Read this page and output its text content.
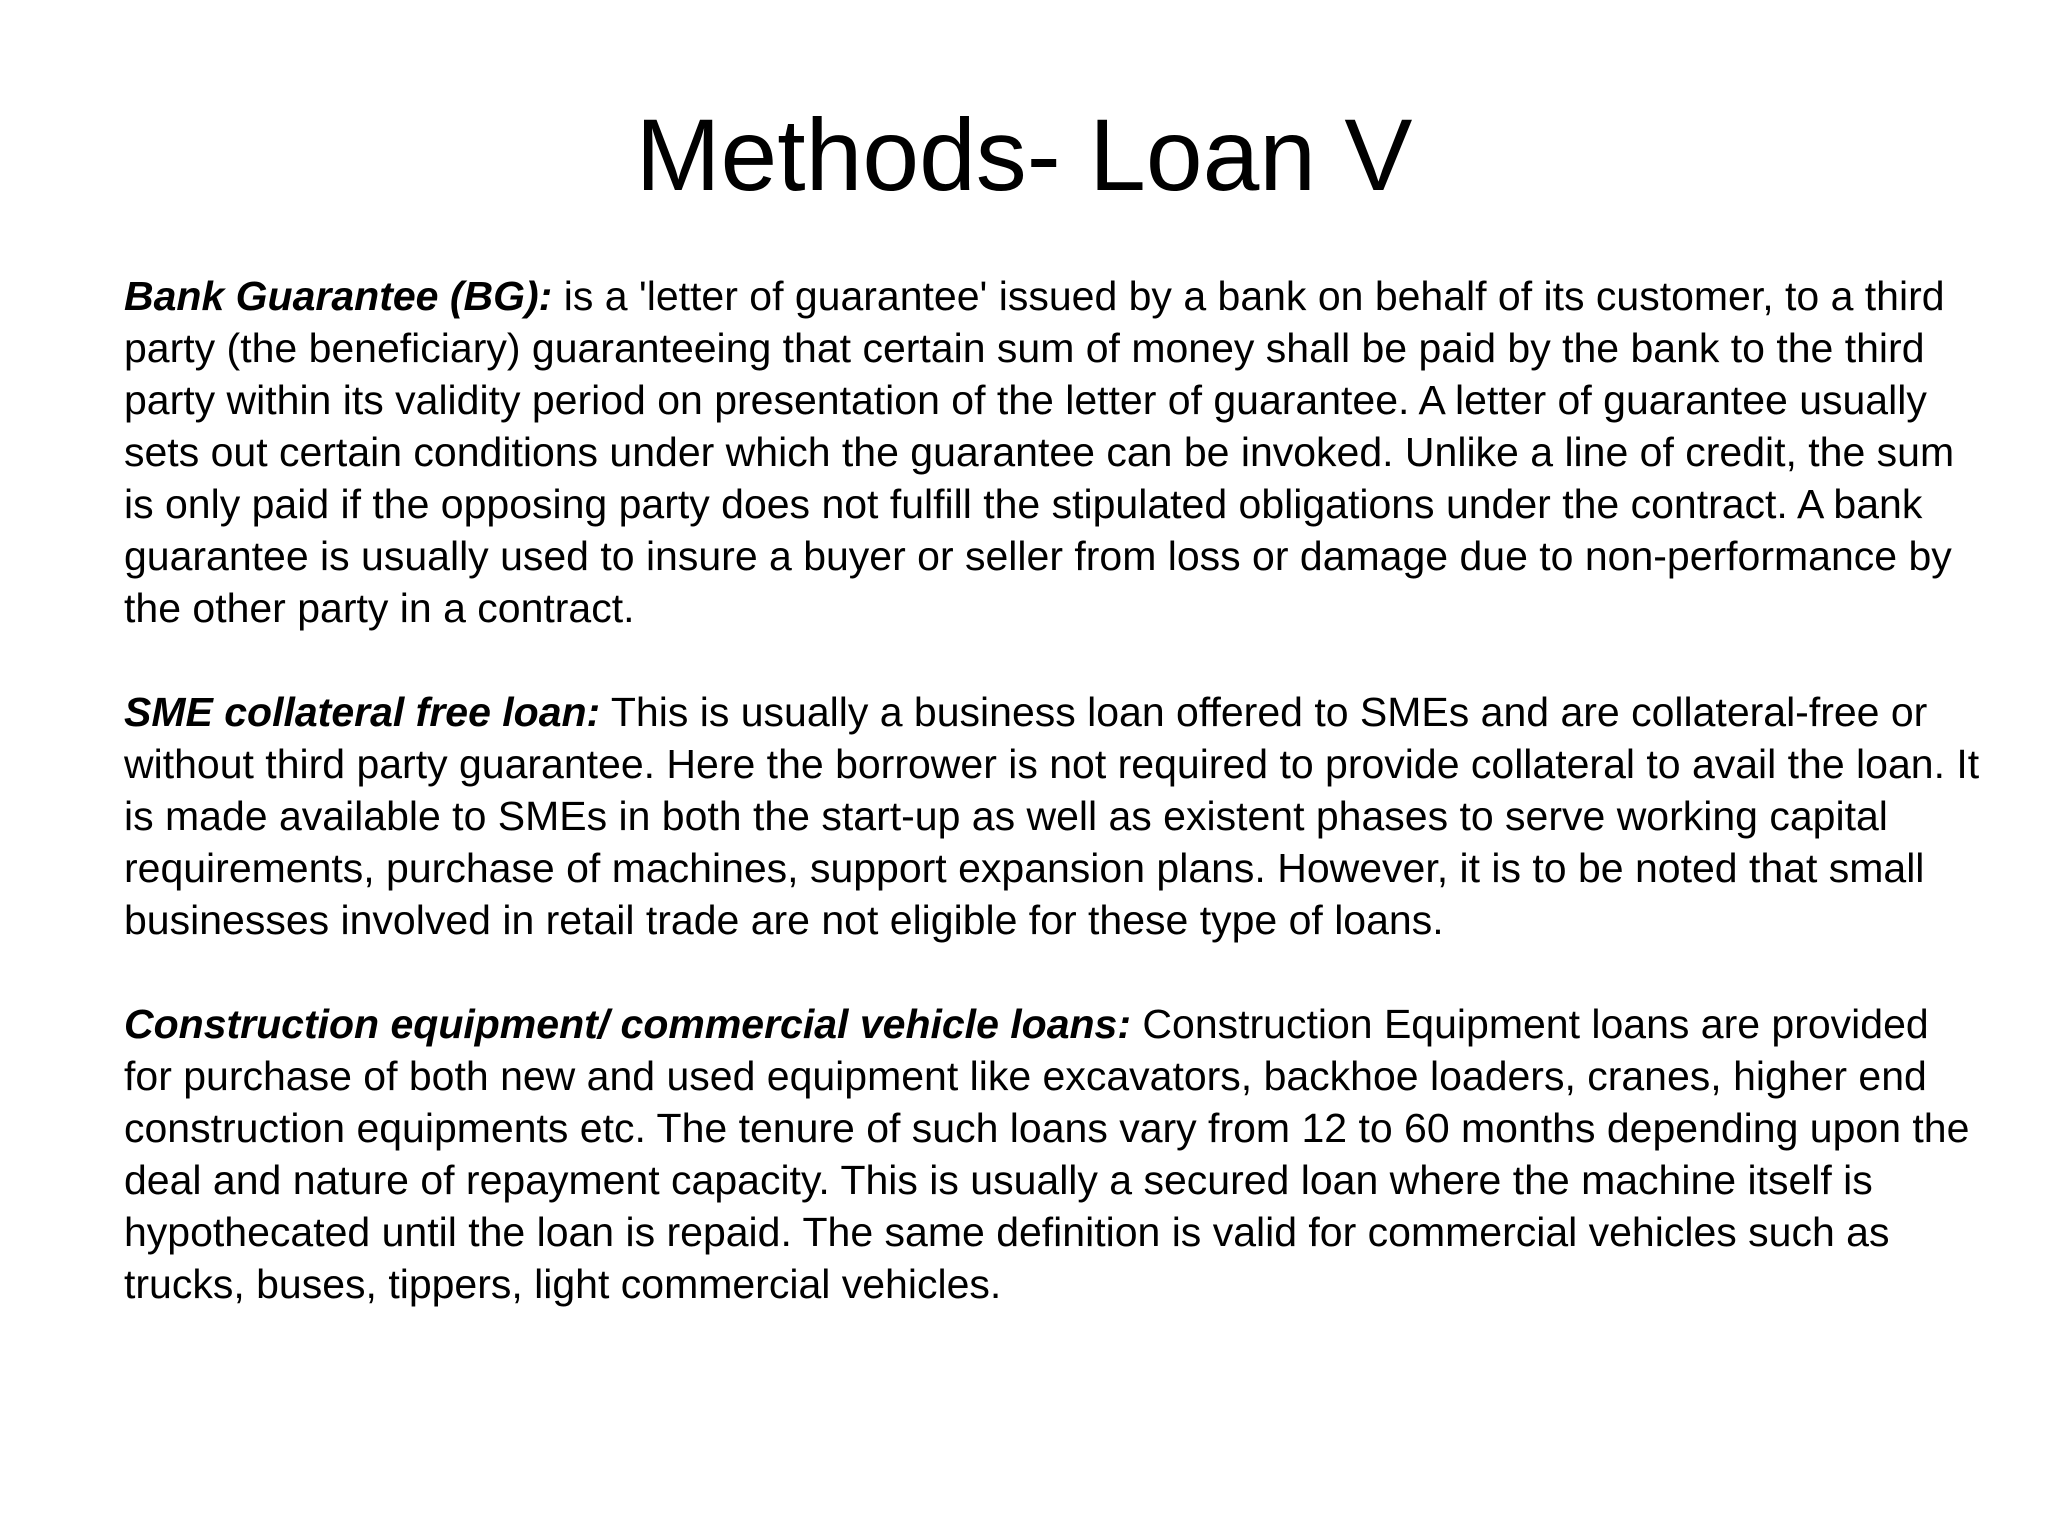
Methods- Loan V

Bank Guarantee (BG): is a 'letter of guarantee' issued by a bank on behalf of its customer, to a third party (the beneficiary) guaranteeing that certain sum of money shall be paid by the bank to the third party within its validity period on presentation of the letter of guarantee. A letter of guarantee usually sets out certain conditions under which the guarantee can be invoked. Unlike a line of credit, the sum is only paid if the opposing party does not fulfill the stipulated obligations under the contract. A bank guarantee is usually used to insure a buyer or seller from loss or damage due to non-performance by the other party in a contract.

SME collateral free loan: This is usually a business loan offered to SMEs and are collateral-free or without third party guarantee. Here the borrower is not required to provide collateral to avail the loan. It is made available to SMEs in both the start-up as well as existent phases to serve working capital requirements, purchase of machines, support expansion plans. However, it is to be noted that small businesses involved in retail trade are not eligible for these type of loans.

Construction equipment/ commercial vehicle loans: Construction Equipment loans are provided for purchase of both new and used equipment like excavators, backhoe loaders, cranes, higher end construction equipments etc. The tenure of such loans vary from 12 to 60 months depending upon the deal and nature of repayment capacity. This is usually a secured loan where the machine itself is hypothecated until the loan is repaid. The same definition is valid for commercial vehicles such as trucks, buses, tippers, light commercial vehicles.
